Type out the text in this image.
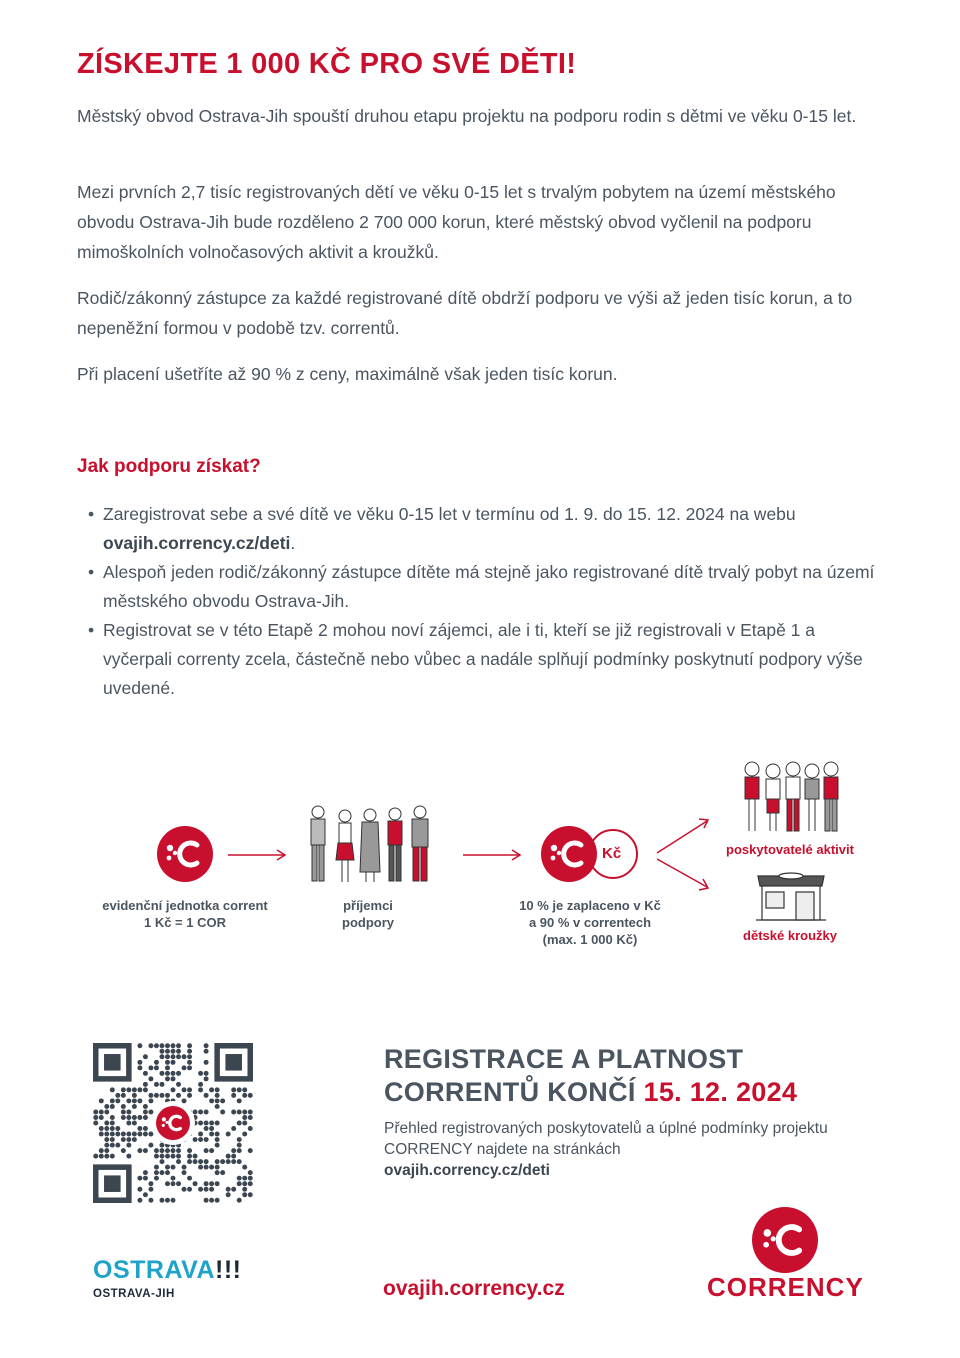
ZÍSKEJTE 1 000 KČ PRO SVÉ DĚTI!

Městský obvod Ostrava-Jih spouští druhou etapu projektu na podporu rodin s dětmi ve věku 0-15 let.

Mezi prvních 2,7 tisíc registrovaných dětí ve věku 0-15 let s trvalým pobytem na území městského obvodu Ostrava-Jih bude rozděleno 2 700 000 korun, které městský obvod vyčlenil na podporu mimoškolních volnočasových aktivit a kroužků.

Rodič/zákonný zástupce za každé registrované dítě obdrží podporu ve výši až jeden tisíc korun, a to nepeněžní formou v podobě tzv. correntů.

Při placení ušetříte až 90 % z ceny, maximálně však jeden tisíc korun.

Jak podporu získat?
• Zaregistrovat sebe a své dítě ve věku 0-15 let v termínu od 1. 9. do 15. 12. 2024 na webu ovajih.corrency.cz/deti.
• Alespoň jeden rodič/zákonný zástupce dítěte má stejně jako registrované dítě trvalý pobyt na území městského obvodu Ostrava-Jih.
• Registrovat se v této Etapě 2 mohou noví zájemci, ale i ti, kteří se již registrovali v Etapě 1 a vyčerpali correnty zcela, částečně nebo vůbec a nadále splňují podmínky poskytnutí podpory výše uvedené.
evidenční jednotka corrent
1 Kč = 1 COR
příjemci
podpory
Kč
10 % je zaplaceno v Kč
a 90 % v correntech
(max. 1 000 Kč)
poskytovatelé aktivit
dětské kroužky
REGISTRACE A PLATNOST
CORRENTŮ KONČÍ 15. 12. 2024
Přehled registrovaných poskytovatelů a úplné podmínky projektu CORRENCY najdete na stránkách
ovajih.corrency.cz/deti
OSTRAVA!!!
OSTRAVA-JIH	ovajih.corrency.cz	CORRENCY
